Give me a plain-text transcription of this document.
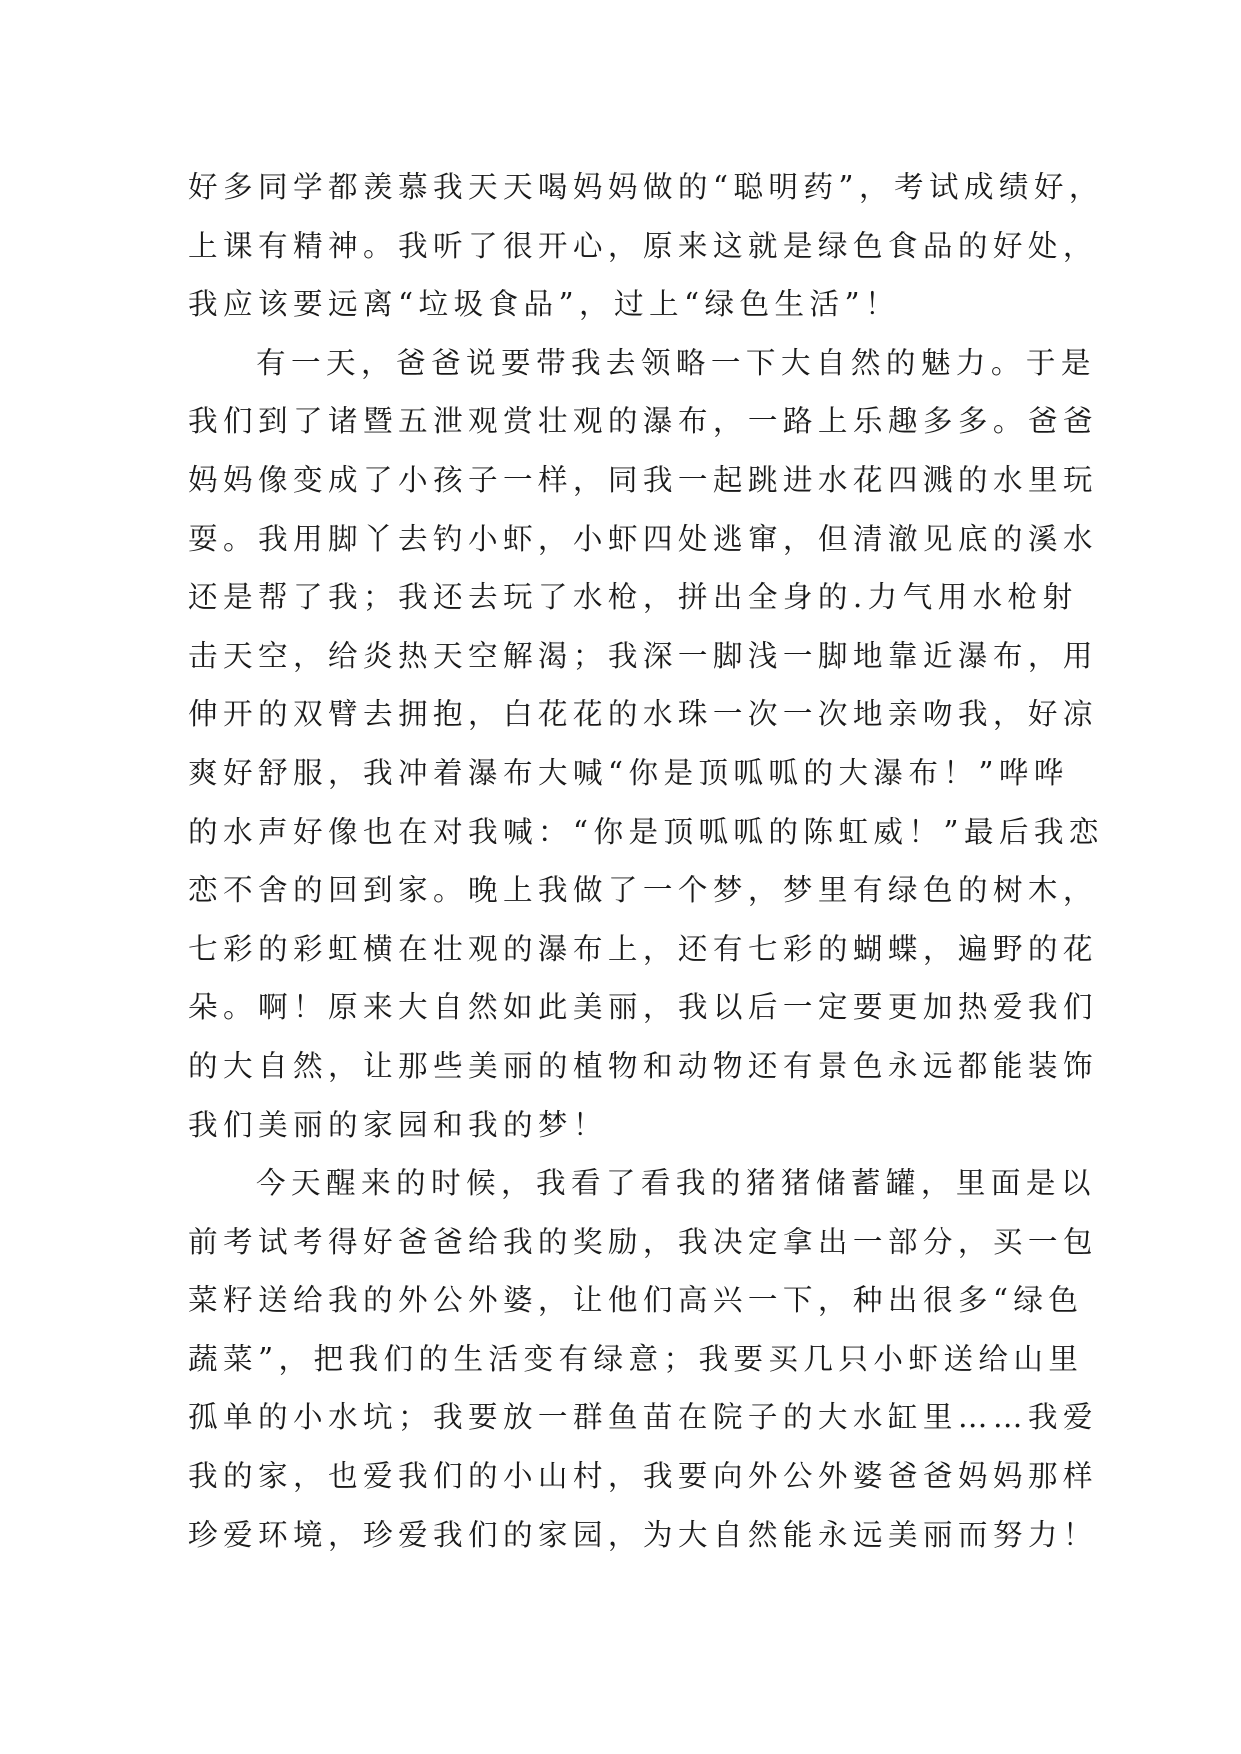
好多同学都羡慕我天天喝妈妈做的“聪明药”，考试成绩好，
上课有精神。我听了很开心，原来这就是绿色食品的好处，
我应该要远离“垃圾食品”，过上“绿色生活”！
有一天，爸爸说要带我去领略一下大自然的魅力。于是
我们到了诸暨五泄观赏壮观的瀑布，一路上乐趣多多。爸爸
妈妈像变成了小孩子一样，同我一起跳进水花四溅的水里玩
耍。我用脚丫去钓小虾，小虾四处逃窜，但清澈见底的溪水
还是帮了我；我还去玩了水枪，拼出全身的.力气用水枪射
击天空，给炎热天空解渴；我深一脚浅一脚地靠近瀑布，用
伸开的双臂去拥抱，白花花的水珠一次一次地亲吻我，好凉
爽好舒服，我冲着瀑布大喊“你是顶呱呱的大瀑布！”哗哗
的水声好像也在对我喊：“你是顶呱呱的陈虹威！”最后我恋
恋不舍的回到家。晚上我做了一个梦，梦里有绿色的树木，
七彩的彩虹横在壮观的瀑布上，还有七彩的蝴蝶，遍野的花
朵。啊！原来大自然如此美丽，我以后一定要更加热爱我们
的大自然，让那些美丽的植物和动物还有景色永远都能装饰
我们美丽的家园和我的梦！
今天醒来的时候，我看了看我的猪猪储蓄罐，里面是以
前考试考得好爸爸给我的奖励，我决定拿出一部分，买一包
菜籽送给我的外公外婆，让他们高兴一下，种出很多“绿色
蔬菜”，把我们的生活变有绿意；我要买几只小虾送给山里
孤单的小水坑；我要放一群鱼苗在院子的大水缸里……我爱
我的家，也爱我们的小山村，我要向外公外婆爸爸妈妈那样
珍爱环境，珍爱我们的家园，为大自然能永远美丽而努力！
